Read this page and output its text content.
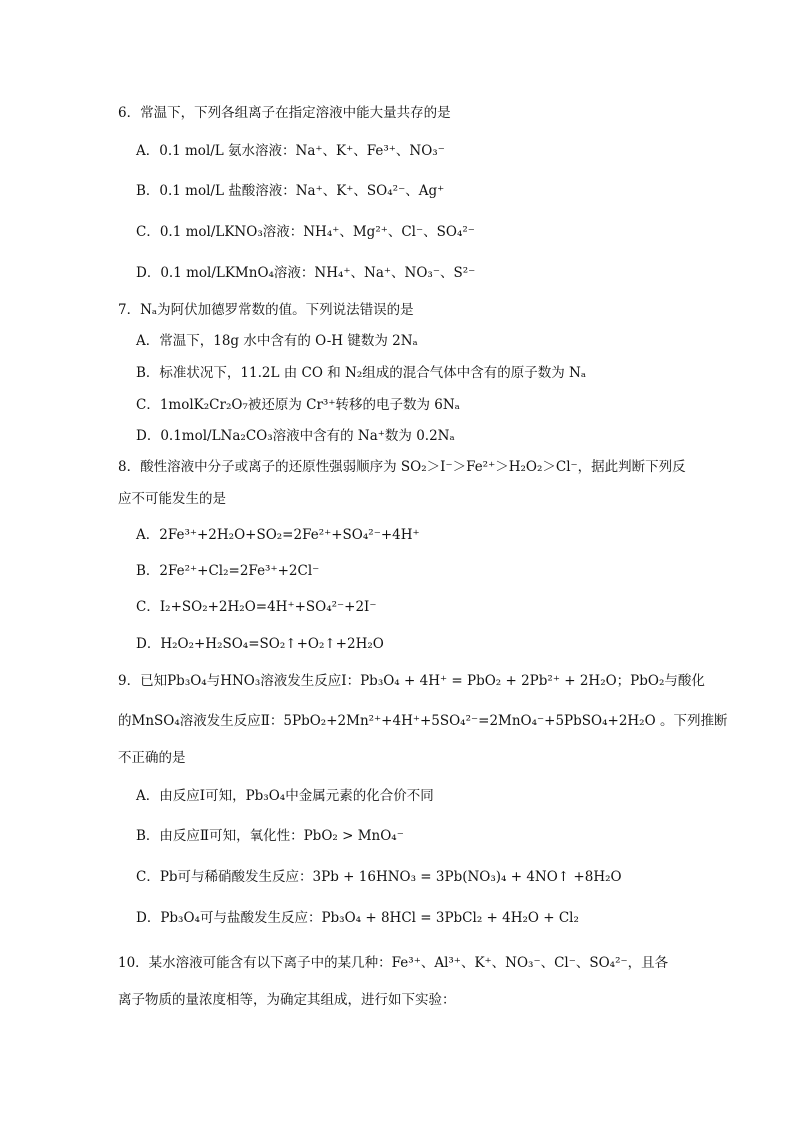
6．常温下，下列各组离子在指定溶液中能大量共存的是
A．0.1 mol/L 氨水溶液：Na⁺、K⁺、Fe³⁺、NO₃⁻
B．0.1 mol/L 盐酸溶液：Na⁺、K⁺、SO₄²⁻、Ag⁺
C．0.1 mol/LKNO₃溶液：NH₄⁺、Mg²⁺、Cl⁻、SO₄²⁻
D．0.1 mol/LKMnO₄溶液：NH₄⁺、Na⁺、NO₃⁻、S²⁻
7．Nₐ为阿伏加德罗常数的值。下列说法错误的是
A．常温下，18g 水中含有的 O-H 键数为 2Nₐ
B．标准状况下，11.2L 由 CO 和 N₂组成的混合气体中含有的原子数为 Nₐ
C．1molK₂Cr₂O₇被还原为 Cr³⁺转移的电子数为 6Nₐ
D．0.1mol/LNa₂CO₃溶液中含有的 Na⁺数为 0.2Nₐ
8．酸性溶液中分子或离子的还原性强弱顺序为 SO₂＞I⁻＞Fe²⁺＞H₂O₂＞Cl⁻，据此判断下列反
应不可能发生的是
A．2Fe³⁺+2H₂O+SO₂=2Fe²⁺+SO₄²⁻+4H⁺
B．2Fe²⁺+Cl₂=2Fe³⁺+2Cl⁻
C．I₂+SO₂+2H₂O=4H⁺+SO₄²⁻+2I⁻
D．H₂O₂+H₂SO₄=SO₂↑+O₂↑+2H₂O
9．已知Pb₃O₄与HNO₃溶液发生反应Ⅰ：Pb₃O₄ + 4H⁺ = PbO₂ + 2Pb²⁺ + 2H₂O；PbO₂与酸化
的MnSO₄溶液发生反应Ⅱ：5PbO₂+2Mn²⁺+4H⁺+5SO₄²⁻=2MnO₄⁻+5PbSO₄+2H₂O 。下列推断
不正确的是
A．由反应Ⅰ可知，Pb₃O₄中金属元素的化合价不同
B．由反应Ⅱ可知，氧化性：PbO₂ > MnO₄⁻
C．Pb可与稀硝酸发生反应：3Pb + 16HNO₃ = 3Pb(NO₃)₄ + 4NO↑ +8H₂O
D．Pb₃O₄可与盐酸发生反应：Pb₃O₄ + 8HCl = 3PbCl₂ + 4H₂O + Cl₂
10．某水溶液可能含有以下离子中的某几种：Fe³⁺、Al³⁺、K⁺、NO₃⁻、Cl⁻、SO₄²⁻，且各
离子物质的量浓度相等，为确定其组成，进行如下实验：
